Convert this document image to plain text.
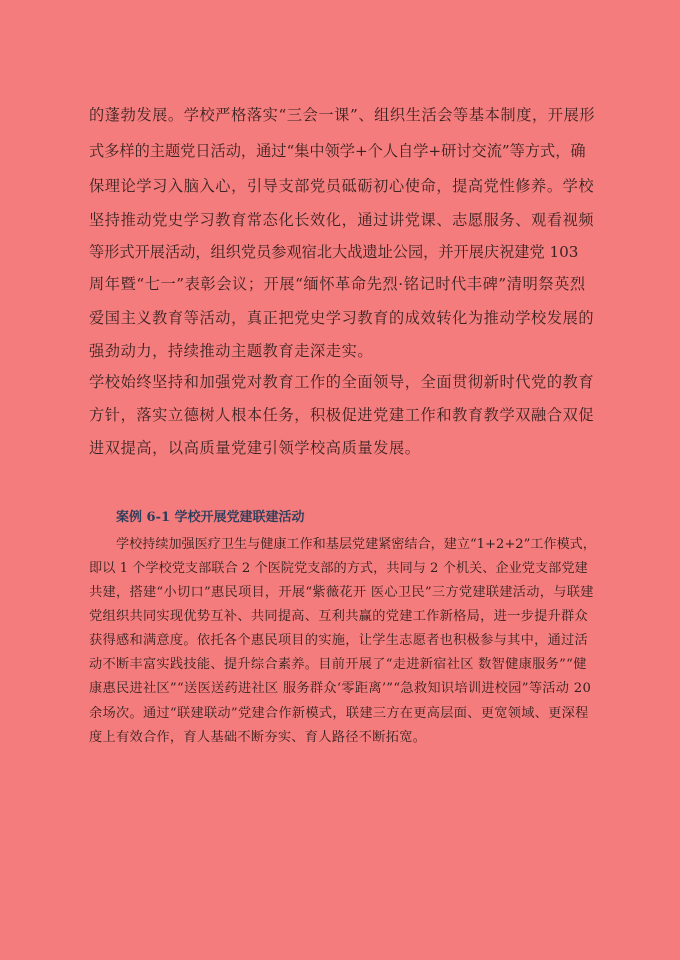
的蓬勃发展。学校严格落实“三会一课”、组织生活会等基本制度，开展形
式多样的主题党日活动，通过“集中领学+个人自学+研讨交流”等方式，确
保理论学习入脑入心，引导支部党员砥砺初心使命，提高党性修养。学校
坚持推动党史学习教育常态化长效化，通过讲党课、志愿服务、观看视频
等形式开展活动，组织党员参观宿北大战遗址公园，并开展庆祝建党 103
周年暨“七一”表彰会议；开展“缅怀革命先烈·铭记时代丰碑”清明祭英烈
爱国主义教育等活动，真正把党史学习教育的成效转化为推动学校发展的
强劲动力，持续推动主题教育走深走实。
学校始终坚持和加强党对教育工作的全面领导，全面贯彻新时代党的教育
方针，落实立德树人根本任务，积极促进党建工作和教育教学双融合双促
进双提高，以高质量党建引领学校高质量发展。
案例 6-1 学校开展党建联建活动
学校持续加强医疗卫生与健康工作和基层党建紧密结合，建立“1+2+2”工作模式，
即以 1 个学校党支部联合 2 个医院党支部的方式，共同与 2 个机关、企业党支部党建
共建，搭建“小切口”惠民项目，开展“紫薇花开 医心卫民”三方党建联建活动，与联建
党组织共同实现优势互补、共同提高、互利共赢的党建工作新格局，进一步提升群众
获得感和满意度。依托各个惠民项目的实施，让学生志愿者也积极参与其中，通过活
动不断丰富实践技能、提升综合素养。目前开展了“走进新宿社区 数智健康服务”“健
康惠民进社区”“送医送药进社区 服务群众‘零距离’”“急救知识培训进校园”等活动 20
余场次。通过“联建联动”党建合作新模式，联建三方在更高层面、更宽领域、更深程
度上有效合作，育人基础不断夯实、育人路径不断拓宽。
